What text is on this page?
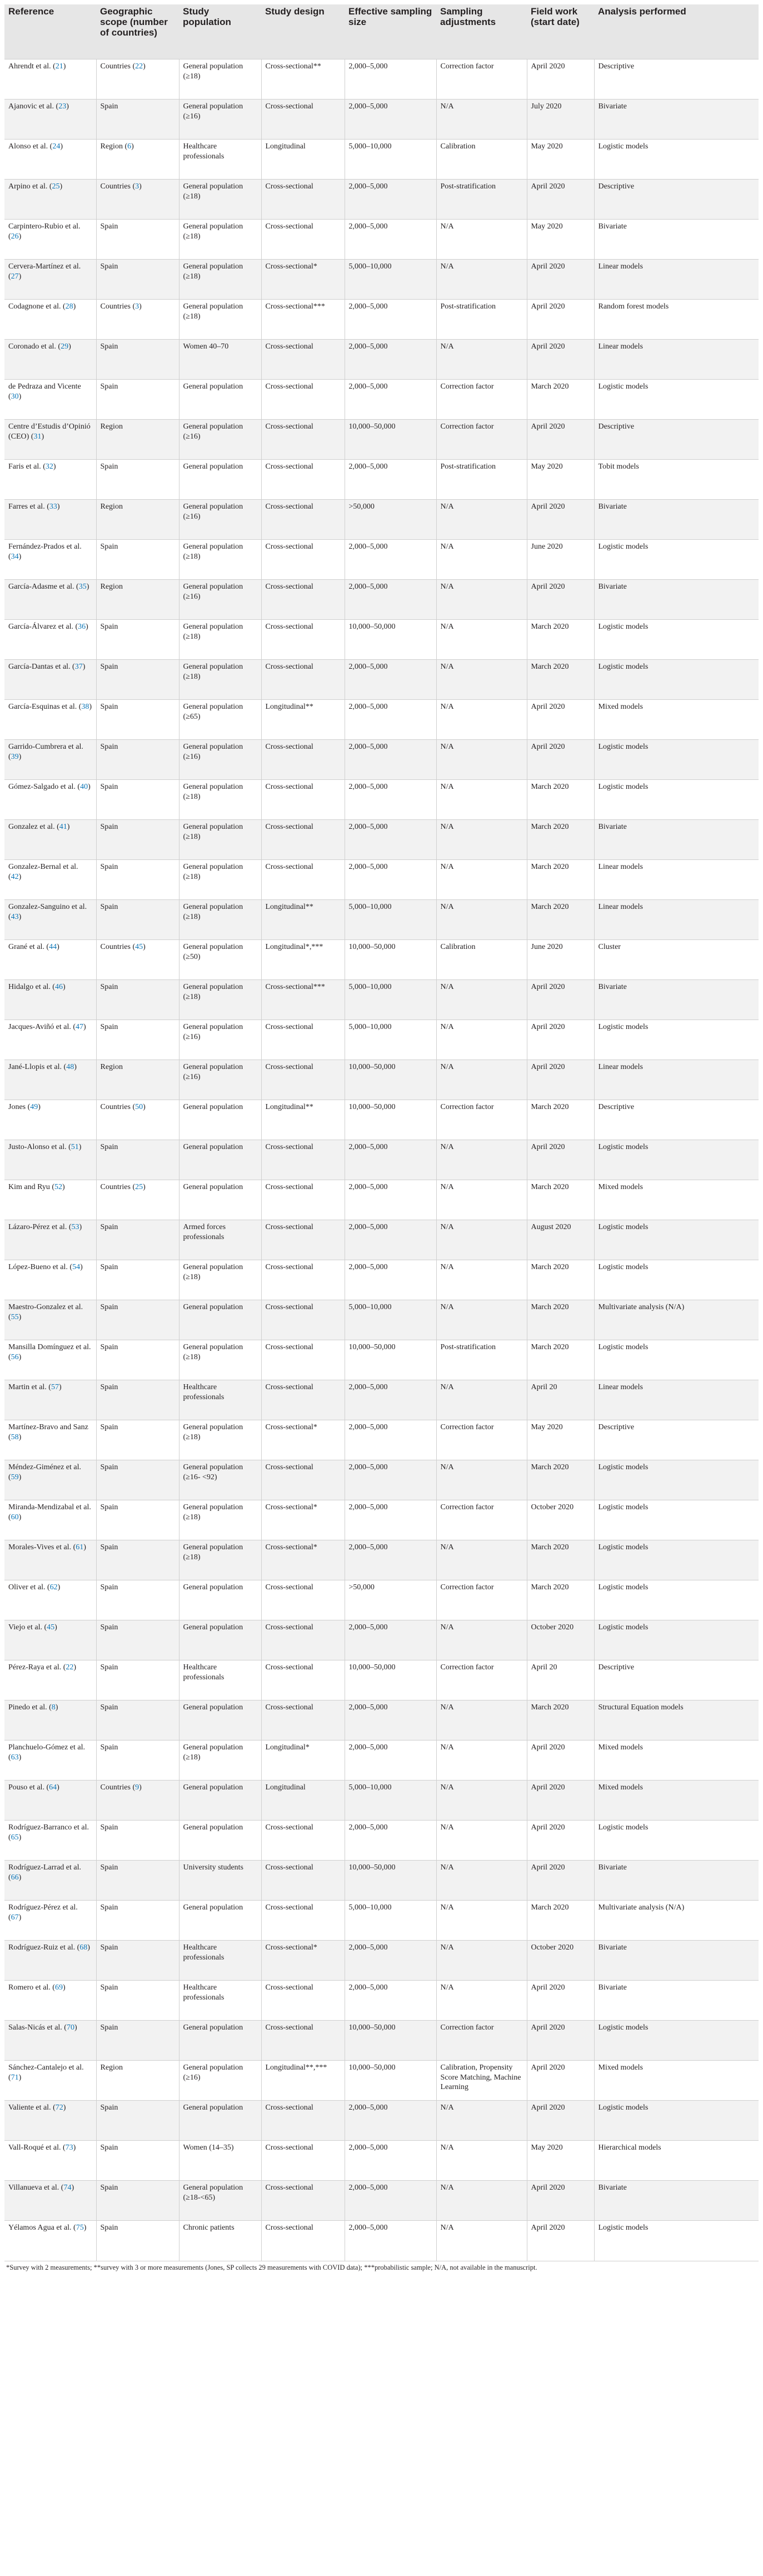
Reference	Geographic scope (number of countries)	Study population	Study design	Effective sampling size	Sampling adjustments	Field work (start date)	Analysis performed
Ahrendt et al. (21)	Countries (22)	General population (≥18)	Cross-sectional**	2,000–5,000	Correction factor	April 2020	Descriptive
Ajanovic et al. (23)	Spain	General population (≥16)	Cross-sectional	2,000–5,000	N/A	July 2020	Bivariate
Alonso et al. (24)	Region (6)	Healthcare professionals	Longitudinal	5,000–10,000	Calibration	May 2020	Logistic models
Arpino et al. (25)	Countries (3)	General population (≥18)	Cross-sectional	2,000–5,000	Post-stratification	April 2020	Descriptive
Carpintero-Rubio et al. (26)	Spain	General population (≥18)	Cross-sectional	2,000–5,000	N/A	May 2020	Bivariate
Cervera-Martínez et al. (27)	Spain	General population (≥18)	Cross-sectional*	5,000–10,000	N/A	April 2020	Linear models
Codagnone et al. (28)	Countries (3)	General population (≥18)	Cross-sectional***	2,000–5,000	Post-stratification	April 2020	Random forest models
Coronado et al. (29)	Spain	Women 40–70	Cross-sectional	2,000–5,000	N/A	April 2020	Linear models
de Pedraza and Vicente (30)	Spain	General population	Cross-sectional	2,000–5,000	Correction factor	March 2020	Logistic models
Centre d’Estudis d’Opinió (CEO) (31)	Region	General population (≥16)	Cross-sectional	10,000–50,000	Correction factor	April 2020	Descriptive
Faris et al. (32)	Spain	General population	Cross-sectional	2,000–5,000	Post-stratification	May 2020	Tobit models
Farres et al. (33)	Region	General population (≥16)	Cross-sectional	>50,000	N/A	April 2020	Bivariate
Fernández-Prados et al. (34)	Spain	General population (≥18)	Cross-sectional	2,000–5,000	N/A	June 2020	Logistic models
García-Adasme et al. (35)	Region	General population (≥16)	Cross-sectional	2,000–5,000	N/A	April 2020	Bivariate
García-Álvarez et al. (36)	Spain	General population (≥18)	Cross-sectional	10,000–50,000	N/A	March 2020	Logistic models
García-Dantas et al. (37)	Spain	General population (≥18)	Cross-sectional	2,000–5,000	N/A	March 2020	Logistic models
García-Esquinas et al. (38)	Spain	General population (≥65)	Longitudinal**	2,000–5,000	N/A	April 2020	Mixed models
Garrido-Cumbrera et al. (39)	Spain	General population (≥16)	Cross-sectional	2,000–5,000	N/A	April 2020	Logistic models
Gómez-Salgado et al. (40)	Spain	General population (≥18)	Cross-sectional	2,000–5,000	N/A	March 2020	Logistic models
Gonzalez et al. (41)	Spain	General population (≥18)	Cross-sectional	2,000–5,000	N/A	March 2020	Bivariate
Gonzalez-Bernal et al. (42)	Spain	General population (≥18)	Cross-sectional	2,000–5,000	N/A	March 2020	Linear models
Gonzalez-Sanguino et al. (43)	Spain	General population (≥18)	Longitudinal**	5,000–10,000	N/A	March 2020	Linear models
Grané et al. (44)	Countries (45)	General population (≥50)	Longitudinal*,***	10,000–50,000	Calibration	June 2020	Cluster
Hidalgo et al. (46)	Spain	General population (≥18)	Cross-sectional***	5,000–10,000	N/A	April 2020	Bivariate
Jacques-Aviñó et al. (47)	Spain	General population (≥16)	Cross-sectional	5,000–10,000	N/A	April 2020	Logistic models
Jané-Llopis et al. (48)	Region	General population (≥16)	Cross-sectional	10,000–50,000	N/A	April 2020	Linear models
Jones (49)	Countries (50)	General population	Longitudinal**	10,000–50,000	Correction factor	March 2020	Descriptive
Justo-Alonso et al. (51)	Spain	General population	Cross-sectional	2,000–5,000	N/A	April 2020	Logistic models
Kim and Ryu (52)	Countries (25)	General population	Cross-sectional	2,000–5,000	N/A	March 2020	Mixed models
Lázaro-Pérez et al. (53)	Spain	Armed forces professionals	Cross-sectional	2,000–5,000	N/A	August 2020	Logistic models
López-Bueno et al. (54)	Spain	General population (≥18)	Cross-sectional	2,000–5,000	N/A	March 2020	Logistic models
Maestro-Gonzalez et al. (55)	Spain	General population	Cross-sectional	5,000–10,000	N/A	March 2020	Multivariate analysis (N/A)
Mansilla Domínguez et al. (56)	Spain	General population (≥18)	Cross-sectional	10,000–50,000	Post-stratification	March 2020	Logistic models
Martin et al. (57)	Spain	Healthcare professionals	Cross-sectional	2,000–5,000	N/A	April 20	Linear models
Martínez-Bravo and Sanz (58)	Spain	General population (≥18)	Cross-sectional*	2,000–5,000	Correction factor	May 2020	Descriptive
Méndez-Giménez et al. (59)	Spain	General population (≥16- <92)	Cross-sectional	2,000–5,000	N/A	March 2020	Logistic models
Miranda-Mendizabal et al. (60)	Spain	General population (≥18)	Cross-sectional*	2,000–5,000	Correction factor	October 2020	Logistic models
Morales-Vives et al. (61)	Spain	General population (≥18)	Cross-sectional*	2,000–5,000	N/A	March 2020	Logistic models
Oliver et al. (62)	Spain	General population	Cross-sectional	>50,000	Correction factor	March 2020	Logistic models
Viejo et al. (45)	Spain	General population	Cross-sectional	2,000–5,000	N/A	October 2020	Logistic models
Pérez-Raya et al. (22)	Spain	Healthcare professionals	Cross-sectional	10,000–50,000	Correction factor	April 20	Descriptive
Pinedo et al. (8)	Spain	General population	Cross-sectional	2,000–5,000	N/A	March 2020	Structural Equation models
Planchuelo-Gómez et al. (63)	Spain	General population (≥18)	Longitudinal*	2,000–5,000	N/A	April 2020	Mixed models
Pouso et al. (64)	Countries (9)	General population	Longitudinal	5,000–10,000	N/A	April 2020	Mixed models
Rodríguez-Barranco et al. (65)	Spain	General population	Cross-sectional	2,000–5,000	N/A	April 2020	Logistic models
Rodríguez-Larrad et al. (66)	Spain	University students	Cross-sectional	10,000–50,000	N/A	April 2020	Bivariate
Rodríguez-Pérez et al. (67)	Spain	General population	Cross-sectional	5,000–10,000	N/A	March 2020	Multivariate analysis (N/A)
Rodríguez-Ruiz et al. (68)	Spain	Healthcare professionals	Cross-sectional*	2,000–5,000	N/A	October 2020	Bivariate
Romero et al. (69)	Spain	Healthcare professionals	Cross-sectional	2,000–5,000	N/A	April 2020	Bivariate
Salas-Nicás et al. (70)	Spain	General population	Cross-sectional	10,000–50,000	Correction factor	April 2020	Logistic models
Sánchez-Cantalejo et al. (71)	Region	General population (≥16)	Longitudinal**,***	10,000–50,000	Calibration, Propensity Score Matching, Machine Learning	April 2020	Mixed models
Valiente et al. (72)	Spain	General population	Cross-sectional	2,000–5,000	N/A	April 2020	Logistic models
Vall-Roqué et al. (73)	Spain	Women (14–35)	Cross-sectional	2,000–5,000	N/A	May 2020	Hierarchical models
Villanueva et al. (74)	Spain	General population (≥18-<65)	Cross-sectional	2,000–5,000	N/A	April 2020	Bivariate
Yélamos Agua et al. (75)	Spain	Chronic patients	Cross-sectional	2,000–5,000	N/A	April 2020	Logistic models
*Survey with 2 measurements; **survey with 3 or more measurements (Jones, SP collects 29 measurements with COVID data); ***probabilistic sample; N/A, not available in the manuscript.
